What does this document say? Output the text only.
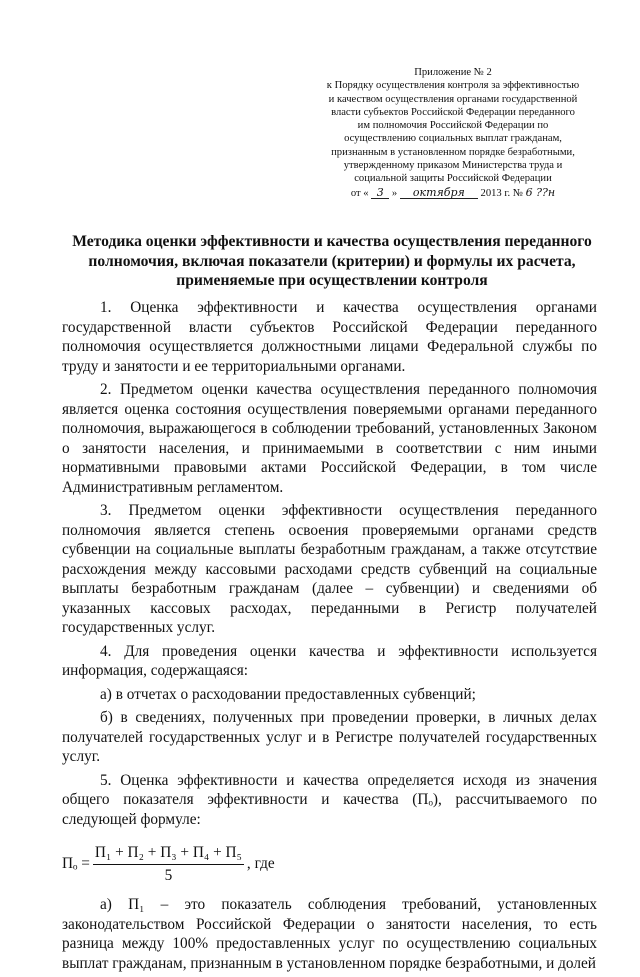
Приложение № 2
к Порядку осуществления контроля за эффективностью
и качеством осуществления органами государственной
власти субъектов Российской Федерации переданного
им полномочия Российской Федерации по
осуществлению социальных выплат гражданам,
признанным в установленном порядке безработными,
утвержденному приказом Министерства труда и
социальной защиты Российской Федерации
от « 3 » октября 2013 г. № 6 ??н
Методика оценки эффективности и качества осуществления переданного
полномочия, включая показатели (критерии) и формулы их расчета,
применяемые при осуществлении контроля

1. Оценка эффективности и качества осуществления органами государственной власти субъектов Российской Федерации переданного полномочия осуществляется должностными лицами Федеральной службы по труду и занятости и ее территориальными органами.

2. Предметом оценки качества осуществления переданного полномочия является оценка состояния осуществления поверяемыми органами переданного полномочия, выражающегося в соблюдении требований, установленных Законом о занятости населения, и принимаемыми в соответствии с ним иными нормативными правовыми актами Российской Федерации, в том числе Административным регламентом.

3. Предметом оценки эффективности осуществления переданного полномочия является степень освоения проверяемыми органами средств субвенции на социальные выплаты безработным гражданам, а также отсутствие расхождения между кассовыми расходами средств субвенций на социальные выплаты безработным гражданам (далее – субвенции) и сведениями об указанных кассовых расходах, переданными в Регистр получателей государственных услуг.

4. Для проведения оценки качества и эффективности используется информация, содержащаяся:

а) в отчетах о расходовании предоставленных субвенций;

б) в сведениях, полученных при проведении проверки, в личных делах получателей государственных услуг и в Регистре получателей государственных услуг.

5. Оценка эффективности и качества определяется исходя из значения общего показателя эффективности и качества (Пₒ), рассчитываемого по следующей формуле:

$П_o = \frac{\text{П₁ + П₂ + П₃ + П₄ + П₅}}{5}$ , где

а) П₁ – это показатель соблюдения требований, установленных законодательством Российской Федерации о занятости населения, то есть разница между 100% предоставленных услуг по осуществлению социальных выплат гражданам, признанным в установленном порядке безработными, и долей
